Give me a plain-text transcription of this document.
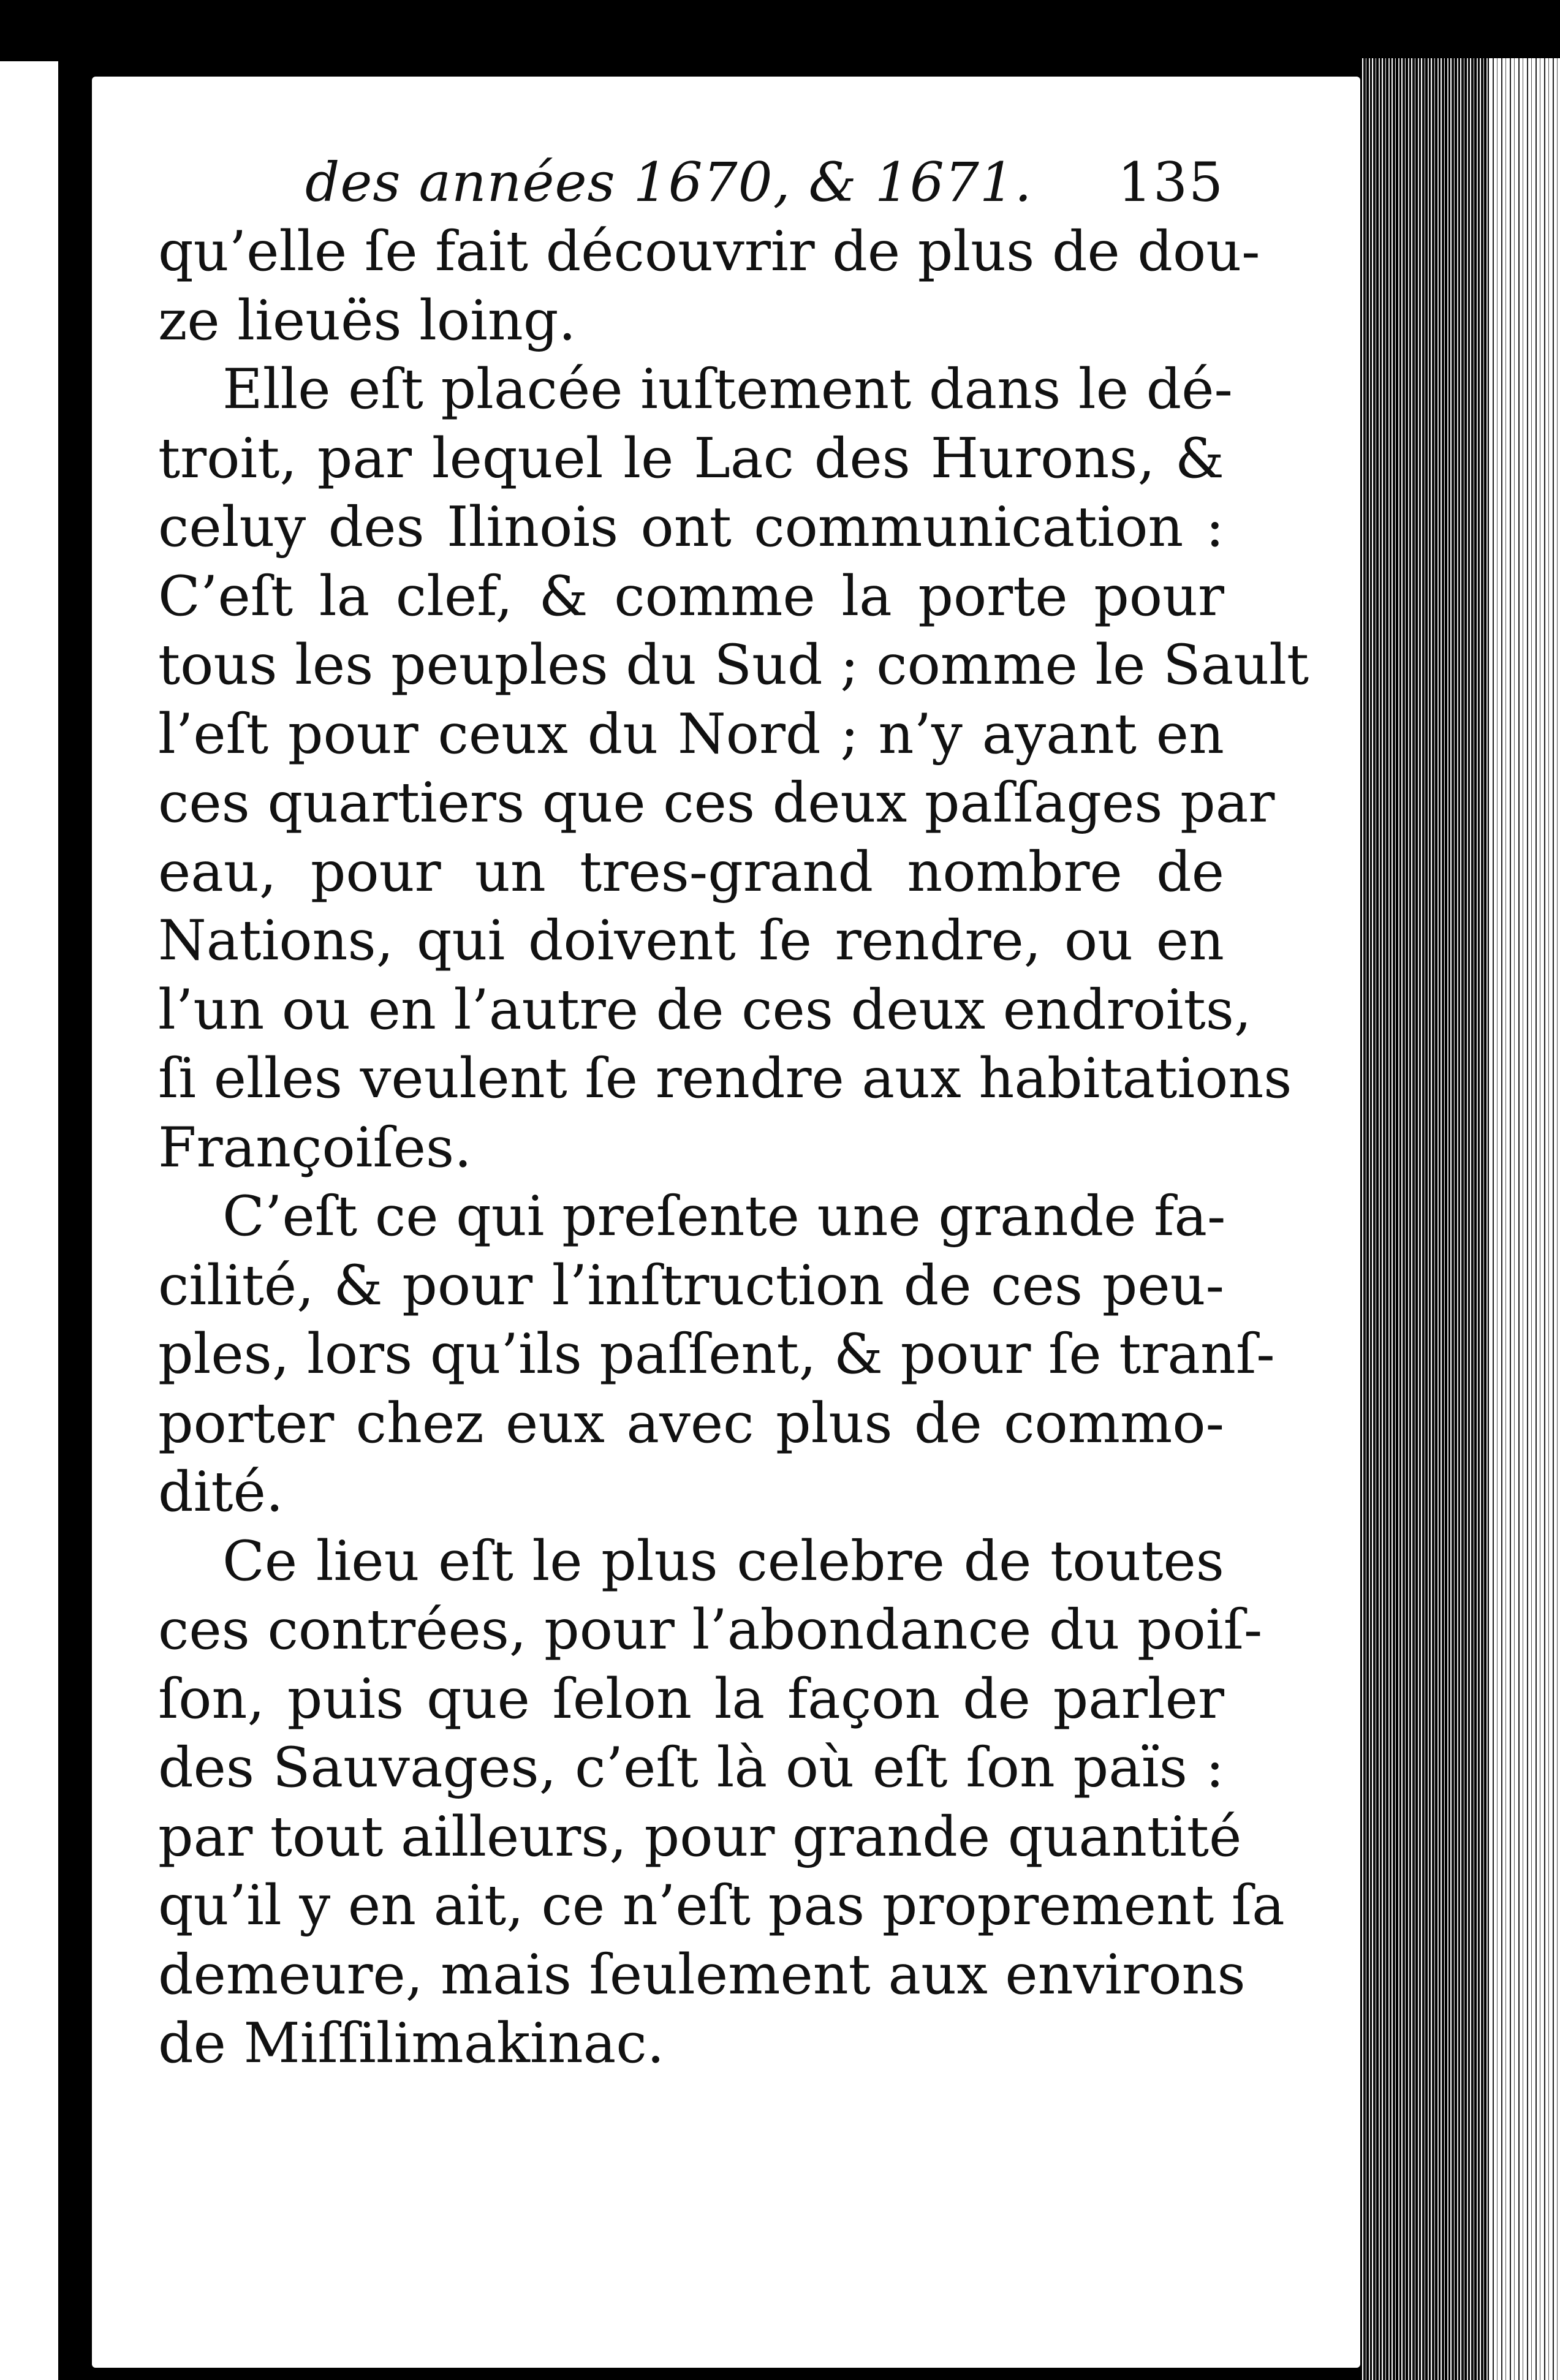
des années 1670, & 1671. 135
qu’elle ſe fait découvrir de plus de dou-
ze lieuës loing.
Elle eſt placée iuſtement dans le dé-
troit, par lequel le Lac des Hurons, &
celuy des Ilinois ont communication :
C’eſt la clef, & comme la porte pour
tous les peuples du Sud ; comme le Sault
l’eſt pour ceux du Nord ; n’y ayant en
ces quartiers que ces deux paſſages par
eau, pour un tres-grand nombre de
Nations, qui doivent ſe rendre, ou en
l’un ou en l’autre de ces deux endroits,
ſi elles veulent ſe rendre aux habitations
Françoiſes.
C’eſt ce qui preſente une grande fa-
cilité, & pour l’inſtruction de ces peu-
ples, lors qu’ils paſſent, & pour ſe tranſ-
porter chez eux avec plus de commo-
dité.
Ce lieu eſt le plus celebre de toutes
ces contrées, pour l’abondance du poiſ-
ſon, puis que ſelon la façon de parler
des Sauvages, c’eſt là où eſt ſon païs :
par tout ailleurs, pour grande quantité
qu’il y en ait, ce n’eſt pas proprement ſa
demeure, mais ſeulement aux environs
de Miſſilimakinac.
